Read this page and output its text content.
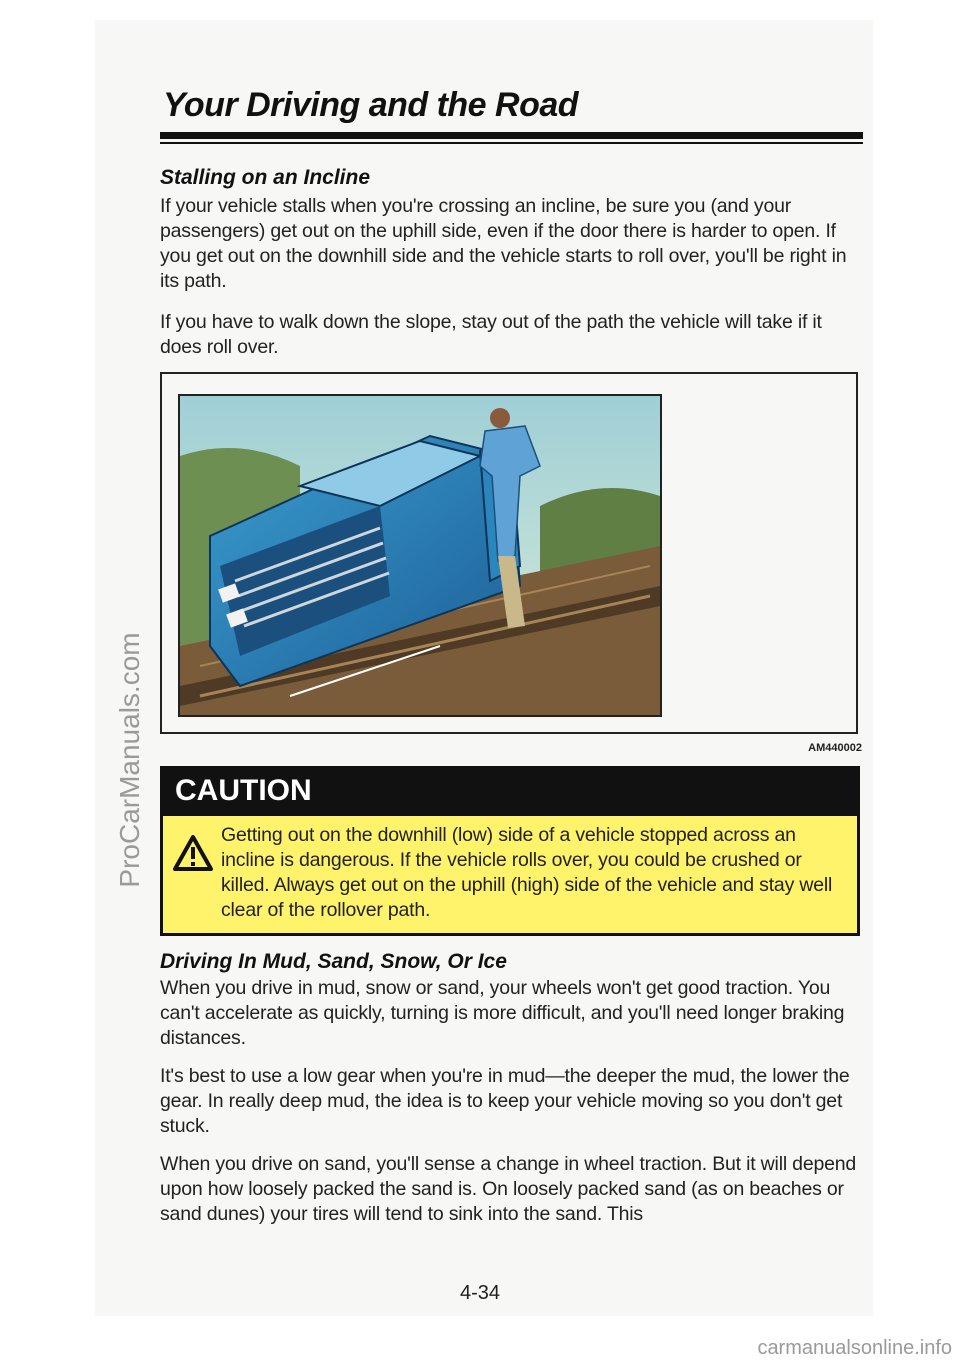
Your Driving and the Road
Stalling on an Incline
If your vehicle stalls when you're crossing an incline, be sure you (and your passengers) get out on the uphill side, even if the door there is harder to open. If you get out on the downhill side and the vehicle starts to roll over, you'll be right in its path.
If you have to walk down the slope, stay out of the path the vehicle will take if it does roll over.
AM440002
CAUTION
Getting out on the downhill (low) side of a vehicle stopped across an incline is dangerous. If the vehicle rolls over, you could be crushed or killed. Always get out on the uphill (high) side of the vehicle and stay well clear of the rollover path.
Driving In Mud, Sand, Snow, Or Ice
When you drive in mud, snow or sand, your wheels won't get good traction. You can't accelerate as quickly, turning is more difficult, and you'll need longer braking distances.
It's best to use a low gear when you're in mud—the deeper the mud, the lower the gear. In really deep mud, the idea is to keep your vehicle moving so you don't get stuck.
When you drive on sand, you'll sense a change in wheel traction. But it will depend upon how loosely packed the sand is. On loosely packed sand (as on beaches or sand dunes) your tires will tend to sink into the sand. This
4-34
ProCarManuals.com
carmanualsonline.info
